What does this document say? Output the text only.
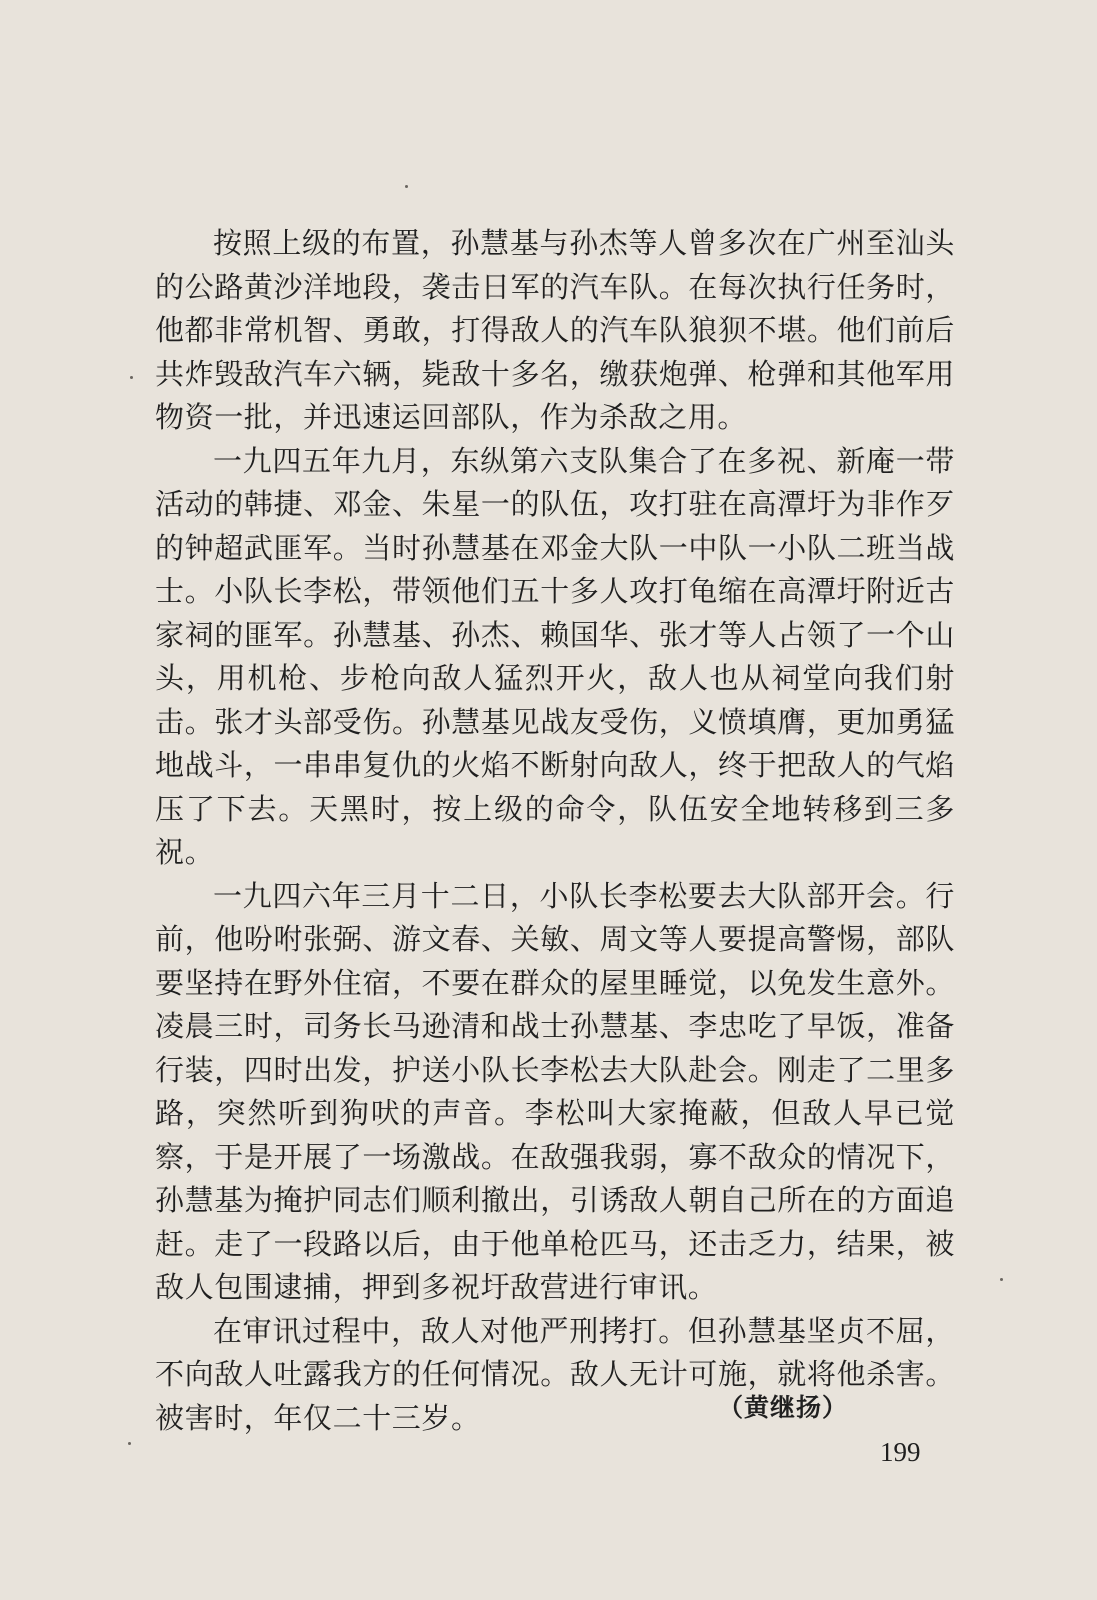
按照上级的布置，孙慧基与孙杰等人曾多次在广州至汕头的公路黄沙洋地段，袭击日军的汽车队。在每次执行任务时，他都非常机智、勇敢，打得敌人的汽车队狼狈不堪。他们前后共炸毁敌汽车六辆，毙敌十多名，缴获炮弹、枪弹和其他军用物资一批，并迅速运回部队，作为杀敌之用。

一九四五年九月，东纵第六支队集合了在多祝、新庵一带活动的韩捷、邓金、朱星一的队伍，攻打驻在高潭圩为非作歹的钟超武匪军。当时孙慧基在邓金大队一中队一小队二班当战士。小队长李松，带领他们五十多人攻打龟缩在高潭圩附近古家祠的匪军。孙慧基、孙杰、赖国华、张才等人占领了一个山头，用机枪、步枪向敌人猛烈开火，敌人也从祠堂向我们射击。张才头部受伤。孙慧基见战友受伤，义愤填膺，更加勇猛地战斗，一串串复仇的火焰不断射向敌人，终于把敌人的气焰压了下去。天黑时，按上级的命令，队伍安全地转移到三多祝。

一九四六年三月十二日，小队长李松要去大队部开会。行前，他吩咐张弼、游文春、关敏、周文等人要提高警惕，部队要坚持在野外住宿，不要在群众的屋里睡觉，以免发生意外。凌晨三时，司务长马逊清和战士孙慧基、李忠吃了早饭，准备行装，四时出发，护送小队长李松去大队赴会。刚走了二里多路，突然听到狗吠的声音。李松叫大家掩蔽，但敌人早已觉察，于是开展了一场激战。在敌强我弱，寡不敌众的情况下，孙慧基为掩护同志们顺利撤出，引诱敌人朝自己所在的方面追赶。走了一段路以后，由于他单枪匹马，还击乏力，结果，被敌人包围逮捕，押到多祝圩敌营进行审讯。

在审讯过程中，敌人对他严刑拷打。但孙慧基坚贞不屈，不向敌人吐露我方的任何情况。敌人无计可施，就将他杀害。被害时，年仅二十三岁。	（黄继扬）
199
